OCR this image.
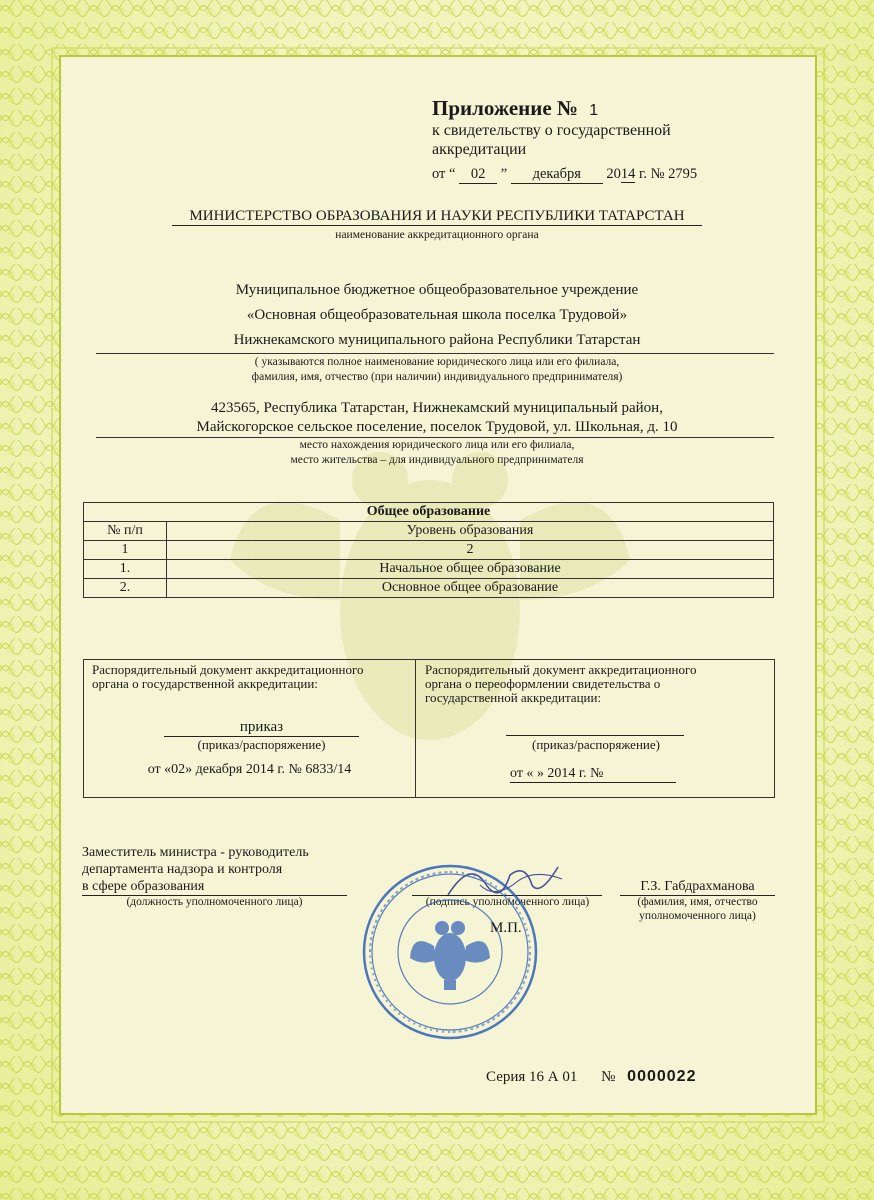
Приложение № 1
к свидетельству о государственной
аккредитации
от “ 02 ” декабря 2014 г. № 2795
МИНИСТЕРСТВО ОБРАЗОВАНИЯ И НАУКИ РЕСПУБЛИКИ ТАТАРСТАН
наименование аккредитационного органа
Муниципальное бюджетное общеобразовательное учреждение
«Основная общеобразовательная школа поселка Трудовой»
Нижнекамского муниципального района Республики Татарстан
( указываются полное наименование юридического лица или его филиала,
фамилия, имя, отчество (при наличии) индивидуального предпринимателя)
423565, Республика Татарстан, Нижнекамский муниципальный район,
Майскогорское сельское поселение, поселок Трудовой, ул. Школьная, д. 10
место нахождения юридического лица или его филиала,
место жительства – для индивидуального предпринимателя
Общее образование	
№ п/п	Уровень образования
1	2
1.	Начальное общее образование
2.	Основное общее образование
Распорядительный документ аккредитационного
органа о государственной аккредитации:
приказ
(приказ/распоряжение)
от «02» декабря 2014 г. № 6833/14
Распорядительный документ аккредитационного
органа о переоформлении свидетельства о
государственной аккредитации:
(приказ/распоряжение)
от « » 2014 г. №
Заместитель министра - руководитель
департамента надзора и контроля
в сфере образования
(должность уполномоченного лица)	(подпись уполномоченного лица)
Г.З. Габдрахманова
(фамилия, имя, отчество
уполномоченного лица)
М.П.
Серия 16 А 01 № 0000022
